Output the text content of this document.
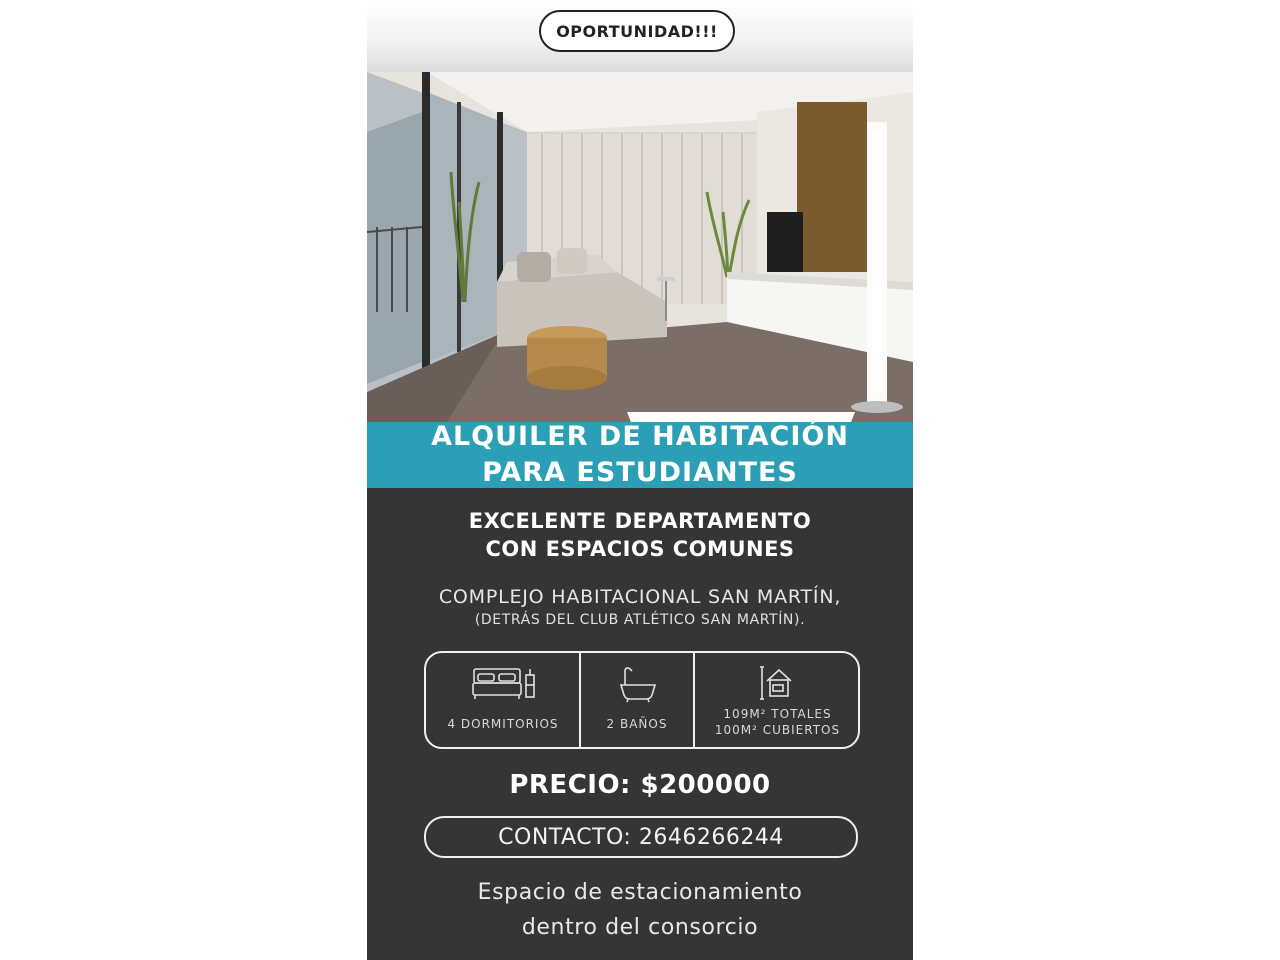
OPORTUNIDAD!!!
ALQUILER DE HABITACIÓN
PARA ESTUDIANTES
EXCELENTE DEPARTAMENTO
CON ESPACIOS COMUNES
COMPLEJO HABITACIONAL SAN MARTÍN,
(DETRÁS DEL CLUB ATLÉTICO SAN MARTÍN).
4 DORMITORIOS	2 BAÑOS
109M² TOTALES
100M² CUBIERTOS
PRECIO: $200000
CONTACTO: 2646266244
Espacio de estacionamiento
dentro del consorcio
